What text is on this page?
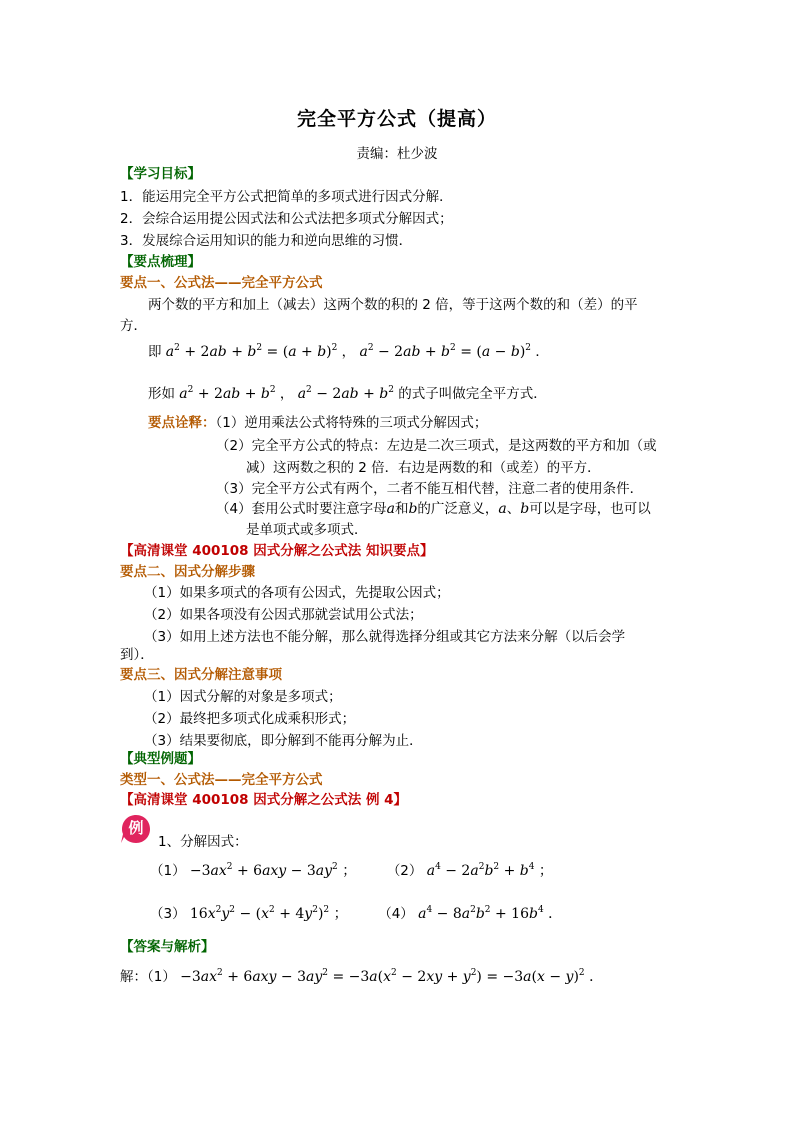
完全平方公式（提高）
责编：杜少波
【学习目标】
1．能运用完全平方公式把简单的多项式进行因式分解．
2．会综合运用提公因式法和公式法把多项式分解因式；
3．发展综合运用知识的能力和逆向思维的习惯．
【要点梳理】
要点一、公式法——完全平方公式
两个数的平方和加上（减去）这两个数的积的 2 倍，等于这两个数的和（差）的平
方．
即 $a^2 + 2ab + b^2 = (a + b)^2$ ， $a^2 - 2ab + b^2 = (a - b)^2$ ．
形如 $a^2 + 2ab + b^2$ ， $a^2 - 2ab + b^2$ 的式子叫做完全平方式．
要点诠释：（1）逆用乘法公式将特殊的三项式分解因式；
（2）完全平方公式的特点：左边是二次三项式，是这两数的平方和加（或
减）这两数之积的 2 倍．右边是两数的和（或差）的平方．
（3）完全平方公式有两个，二者不能互相代替，注意二者的使用条件．
（4）套用公式时要注意字母a和b的广泛意义，a、b可以是字母，也可以
是单项式或多项式．
【高清课堂 400108 因式分解之公式法 知识要点】
要点二、因式分解步骤
（1）如果多项式的各项有公因式，先提取公因式；
（2）如果各项没有公因式那就尝试用公式法；
（3）如用上述方法也不能分解，那么就得选择分组或其它方法来分解（以后会学
到）．
要点三、因式分解注意事项
（1）因式分解的对象是多项式；
（2）最终把多项式化成乘积形式；
（3）结果要彻底，即分解到不能再分解为止．
【典型例题】
类型一、公式法——完全平方公式
【高清课堂 400108 因式分解之公式法 例 4】
例
1、分解因式：
$(1) -3ax^2 + 6axy - 3ay^2$ ； （2） $a^4 - 2a^2b^2 + b^4$ ；
（3） $16x^2y^2 - (x^2 + 4y^2)^2$ ； （4） $a^4 - 8a^2b^2 + 16b^4$ ．
【答案与解析】
解：$(1) -3ax^2 + 6axy - 3ay^2 = -3a(x^2 - 2xy + y^2) = -3a(x - y)^2$ ．
